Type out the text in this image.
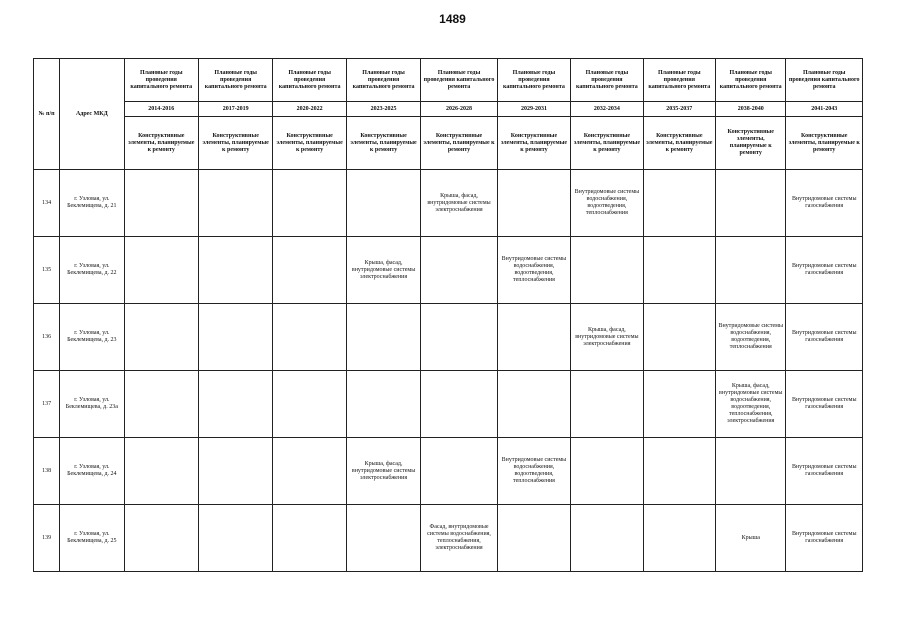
1489
№ п/п	Адрес МКД	Плановые годы проведения капитального ремонта	Плановые годы проведения капитального ремонта	Плановые годы проведения капитального ремонта	Плановые годы проведения капитального ремонта	Плановые годы проведения капитального ремонта	Плановые годы проведения капитального ремонта	Плановые годы проведения капитального ремонта	Плановые годы проведения капитального ремонта	Плановые годы проведения капитального ремонта	Плановые годы проведения капитального ремонта
		2014-2016	2017-2019	2020-2022	2023-2025	2026-2028	2029-2031	2032-2034	2035-2037	2038-2040	2041-2043
		Конструктивные элементы, планируемые к ремонту	Конструктивные элементы, планируемые к ремонту	Конструктивные элементы, планируемые к ремонту	Конструктивные элементы, планируемые к ремонту	Конструктивные элементы, планируемые к ремонту	Конструктивные элементы, планируемые к ремонту	Конструктивные элементы, планируемые к ремонту	Конструктивные элементы, планируемые к ремонту	Конструктивные элементы, планируемые к ремонту	Конструктивные элементы, планируемые к ремонту
134	г. Узловая, ул. Беклемищева, д. 21					Крыша, фасад, внутридомовые системы электроснабжения		Внутридомовые системы водоснабжения, водоотведения, теплоснабжения			Внутридомовые системы газоснабжения
135	г. Узловая, ул. Беклемищева, д. 22				Крыша, фасад, внутридомовые системы электроснабжения		Внутридомовые системы водоснабжения, водоотведения, теплоснабжения				Внутридомовые системы газоснабжения
136	г. Узловая, ул. Беклемищева, д. 23							Крыша, фасад, внутридомовые системы электроснабжения		Внутридомовые системы водоснабжения, водоотведения, теплоснабжения	Внутридомовые системы газоснабжения
137	г. Узловая, ул. Беклемищева, д. 23а									Крыша, фасад, внутридомовые системы водоснабжения, водоотведения, теплоснабжения, электроснабжения	Внутридомовые системы газоснабжения
138	г. Узловая, ул. Беклемищева, д. 24				Крыша, фасад, внутридомовые системы электроснабжения		Внутридомовые системы водоснабжения, водоотведения, теплоснабжения				Внутридомовые системы газоснабжения
139	г. Узловая, ул. Беклемищева, д. 25					Фасад, внутридомовые системы водоснабжения, теплоснабжения, электроснабжения				Крыша	Внутридомовые системы газоснабжения
